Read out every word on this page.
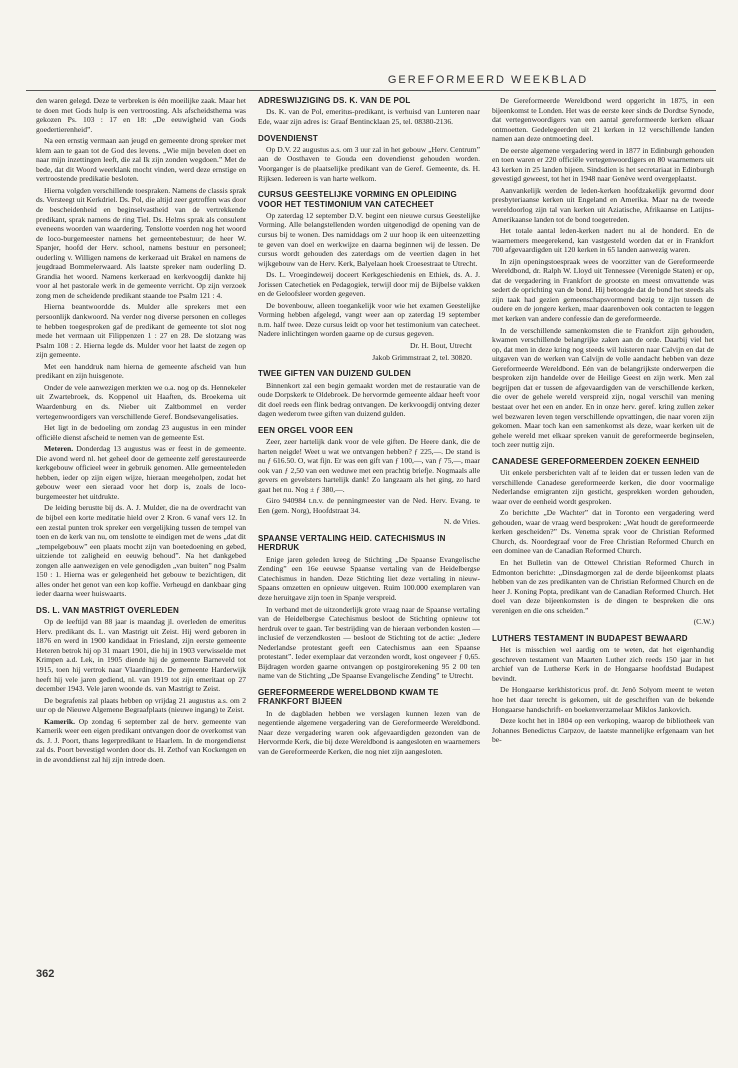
GEREFORMEERD WEEKBLAD

den waren gelegd. Deze te verbreken is één moeilijke zaak. Maar het te doen met Gods hulp is een vertroosting. Als afscheidsthema was gekozen Ps. 103 : 17 en 18: „De eeuwigheid van Gods goedertierenheid”.

Na een ernstig vermaan aan jeugd en gemeente drong spreker met klem aan te gaan tot de God des levens. „Wie mijn bevelen doet en naar mijn inzettingen leeft, die zal Ik zijn zonden wegdoen.” Met de bede, dat dit Woord weerklank mocht vinden, werd deze ernstige en vertroostende predikatie besloten.

Hierna volgden verschillende toespraken. Namens de classis sprak ds. Versteegt uit Kerkdriel. Ds. Pol, die altijd zeer getroffen was door de bescheidenheid en beginselvastheid van de vertrekkende predikant, sprak namens de ring Tiel. Ds. Helms sprak als consulent eveneens woorden van waardering. Tenslotte voerden nog het woord de loco-burgemeester namens het gemeentebestuur; de heer W. Spanjer, hoofd der Herv. school, namens bestuur en personeel; ouderling v. Willigen namens de kerkeraad uit Brakel en namens de jeugdraad Bommelerwaard. Als laatste spreker nam ouderling D. Grandia het woord. Namens kerkeraad en kerkvoogdij dankte hij voor al het pastorale werk in de gemeente verricht. Op zijn verzoek zong men de scheidende predikant staande toe Psalm 121 : 4.

Hierna beantwoordde ds. Mulder alle sprekers met een persoonlijk dankwoord. Na verder nog diverse personen en colleges te hebben toegesproken gaf de predikant de gemeente tot slot nog mede het vermaan uit Filippenzen 1 : 27 en 28. De slotzang was Psalm 108 : 2. Hierna legde ds. Mulder voor het laatst de zegen op zijn gemeente.

Met een handdruk nam hierna de gemeente afscheid van hun predikant en zijn huisgenote.

Onder de vele aanwezigen merkten we o.a. nog op ds. Hennekeler uit Zwartebroek, ds. Koppenol uit Haaften, ds. Broekema uit Waardenburg en ds. Nieber uit Zaltbommel en verder vertegenwoordigers van verschillende Geref. Bondsevangelisaties.

Het ligt in de bedoeling om zondag 23 augustus in een minder officiële dienst afscheid te nemen van de gemeente Est.

Meteren. Donderdag 13 augustus was er feest in de gemeente. Die avond werd nl. het geheel door de gemeente zelf gerestaureerde kerkgebouw officieel weer in gebruik genomen. Alle gemeenteleden hebben, ieder op zijn eigen wijze, hieraan meegeholpen, zodat het gebouw weer een sieraad voor het dorp is, zoals de loco-burgemeester het uitdrukte.

De leiding berustte bij ds. A. J. Mulder, die na de overdracht van de bijbel een korte meditatie hield over 2 Kron. 6 vanaf vers 12. In een zestal punten trok spreker een vergelijking tussen de tempel van toen en de kerk van nu, om tenslotte te eindigen met de wens „dat dit „tempelgebouw” een plaats mocht zijn van boetedoening en gebed, uitziende tot zaligheid en eeuwig behoud”. Na het dankgebed zongen alle aanwezigen en vele genodigden „van buiten” nog Psalm 150 : 1. Hierna was er gelegenheid het gebouw te bezichtigen, dit alles onder het genot van een kop koffie. Verheugd en dankbaar ging ieder daarna weer huiswaarts.

DS. L. VAN MASTRIGT OVERLEDEN

Op de leeftijd van 88 jaar is maandag jl. overleden de emeritus Herv. predikant ds. L. van Mastrigt uit Zeist. Hij werd geboren in 1876 en werd in 1900 kandidaat in Friesland, zijn eerste gemeente Heteren betrok hij op 31 maart 1901, die hij in 1903 verwisselde met Krimpen a.d. Lek, in 1905 diende hij de gemeente Barneveld tot 1915, toen hij vertrok naar Vlaardingen. De gemeente Harderwijk heeft hij vele jaren gediend, nl. van 1919 tot zijn emeritaat op 27 december 1943. Vele jaren woonde ds. van Mastrigt te Zeist.

De begrafenis zal plaats hebben op vrijdag 21 augustus a.s. om 2 uur op de Nieuwe Algemene Begraafplaats (nieuwe ingang) te Zeist.

Kamerik. Op zondag 6 september zal de herv. gemeente van Kamerik weer een eigen predikant ontvangen door de overkomst van ds. J. J. Poort, thans legerpredikant te Haarlem. In de morgendienst zal ds. Poort bevestigd worden door ds. H. Zethof van Kockengen en in de avonddienst zal hij zijn intrede doen.

ADRESWIJZIGING DS. K. VAN DE POL

Ds. K. van de Pol, emeritus-predikant, is verhuisd van Lunteren naar Ede, waar zijn adres is: Graaf Bentincklaan 25, tel. 08380-2136.

DOVENDIENST

Op D.V. 22 augustus a.s. om 3 uur zal in het gebouw „Herv. Centrum” aan de Oosthaven te Gouda een dovendienst gehouden worden. Voorganger is de plaatselijke predikant van de Geref. Gemeente, ds. H. Rijksen. Iedereen is van harte welkom.

CURSUS GEESTELIJKE VORMING EN OPLEIDING VOOR HET TESTIMONIUM VAN CATECHEET

Op zaterdag 12 september D.V. begint een nieuwe cursus Geestelijke Vorming. Alle belangstellenden worden uitgenodigd de opening van de cursus bij te wonen. Des namiddags om 2 uur hoop ik een uiteenzetting te geven van doel en werkwijze en daarna beginnen wij de lessen. De cursus wordt gehouden des zaterdags om de veertien dagen in het wijkgebouw van de Herv. Kerk, Balyelaan hoek Croesestraat te Utrecht.

Ds. L. Vroegindeweij doceert Kerkgeschiedenis en Ethiek, ds. A. J. Jorissen Catechetiek en Pedagogiek, terwijl door mij de Bijbelse vakken en de Geloofsleer worden gegeven.

De bovenbouw, alleen toegankelijk voor wie het examen Geestelijke Vorming hebben afgelegd, vangt weer aan op zaterdag 19 september n.m. half twee. Deze cursus leidt op voor het testimonium van catecheet. Nadere inlichtingen worden gaarne op de cursus gegeven.

Dr. H. Bout, Utrecht
Jakob Grimmstraat 2, tel. 30820.
TWEE GIFTEN VAN DUIZEND GULDEN

Binnenkort zal een begin gemaakt worden met de restauratie van de oude Dorpskerk te Oldebroek. De hervormde gemeente aldaar heeft voor dit doel reeds een flink bedrag ontvangen. De kerkvoogdij ontving dezer dagen wederom twee giften van duizend gulden.

EEN ORGEL VOOR EEN

Zeer, zeer hartelijk dank voor de vele giften. De Heere dank, die de harten neigde! Weet u wat we ontvangen hebben? ƒ 225,—. De stand is nu ƒ 616.50. O, wat fijn. Er was een gift van ƒ 100,—, van ƒ 75,—, maar ook van ƒ 2,50 van een weduwe met een prachtig briefje. Nogmaals alle gevers en gevelsters hartelijk dank! Zo langzaam als het ging, zo hard gaat het nu. Nog ± ƒ 380,—.

Giro 940984 t.n.v. de penningmeester van de Ned. Herv. Evang. te Een (gem. Norg), Hoofdstraat 34.

N. de Vries.
SPAANSE VERTALING HEID. CATECHISMUS IN HERDRUK

Enige jaren geleden kreeg de Stichting „De Spaanse Evangelische Zending” een 16e eeuwse Spaanse vertaling van de Heidelbergse Catechismus in handen. Deze Stichting liet deze vertaling in nieuw-Spaans omzetten en opnieuw uitgeven. Ruim 100.000 exemplaren van deze heruitgave zijn toen in Spanje verspreid.

In verband met de uitzonderlijk grote vraag naar de Spaanse vertaling van de Heidelbergse Catechismus besloot de Stichting opnieuw tot herdruk over te gaan. Ter bestrijding van de hieraan verbonden kosten — inclusief de verzendkosten — besloot de Stichting tot de actie: „Iedere Nederlandse protestant geeft een Catechismus aan een Spaanse protestant”. Ieder exemplaar dat verzonden wordt, kost ongeveer ƒ 0,65. Bijdragen worden gaarne ontvangen op postgirorekening 95 2 00 ten name van de Stichting „De Spaanse Evangelische Zending” te Utrecht.

GEREFORMEERDE WERELDBOND KWAM TE FRANKFORT BIJEEN

In de dagbladen hebben we verslagen kunnen lezen van de negentiende algemene vergadering van de Gereformeerde Wereldbond. Naar deze vergadering waren ook afgevaardigden gezonden van de Hervormde Kerk, die bij deze Wereldbond is aangesloten en waarnemers van de Gereformeerde Kerken, die nog niet zijn aangesloten.

De Gereformeerde Wereldbond werd opgericht in 1875, in een bijeenkomst te Londen. Het was de eerste keer sinds de Dordtse Synode, dat vertegenwoordigers van een aantal gereformeerde kerken elkaar ontmoetten. Gedelegeerden uit 21 kerken in 12 verschillende landen namen aan deze ontmoeting deel.

De eerste algemene vergadering werd in 1877 in Edinburgh gehouden en toen waren er 220 officiële vertegenwoordigers en 80 waarnemers uit 43 kerken in 25 landen bijeen. Sindsdien is het secretariaat in Edinburgh gevestigd geweest, tot het in 1948 naar Genève werd overgeplaatst.

Aanvankelijk werden de leden-kerken hoofdzakelijk gevormd door presbyteriaanse kerken uit Engeland en Amerika. Maar na de tweede wereldoorlog zijn tal van kerken uit Aziatische, Afrikaanse en Latijns-Amerikaanse landen tot de bond toegetreden.

Het totale aantal leden-kerken nadert nu al de honderd. En de waarnemers meegerekend, kan vastgesteld worden dat er in Frankfort 700 afgevaardigden uit 120 kerken in 65 landen aanwezig waren.

In zijn openingstoespraak wees de voorzitter van de Gereformeerde Wereldbond, dr. Ralph W. Lloyd uit Tennessee (Verenigde Staten) er op, dat de vergadering in Frankfort de grootste en meest omvattende was sedert de oprichting van de bond. Hij betoogde dat de bond het steeds als zijn taak had gezien gemeenschapsvormend bezig te zijn tussen de oudere en de jongere kerken, maar daarenboven ook contacten te leggen met kerken van andere confessie dan de gereformeerde.

In de verschillende samenkomsten die te Frankfort zijn gehouden, kwamen verschillende belangrijke zaken aan de orde. Daarbij viel het op, dat men in deze kring nog steeds wil luisteren naar Calvijn en dat de uitgaven van de werken van Calvijn de volle aandacht hebben van deze Gereformeerde Wereldbond. Eén van de belangrijkste onderwerpen die besproken zijn handelde over de Heilige Geest en zijn werk. Men zal begrijpen dat er tussen de afgevaardigden van de verschillende kerken, die over de gehele wereld verspreid zijn, nogal verschil van mening bestaat over het een en ander. En in onze herv. geref. kring zullen zeker wel bezwaren leven tegen verschillende opvattingen, die naar voren zijn gekomen. Maar toch kan een samenkomst als deze, waar kerken uit de gehele wereld met elkaar spreken vanuit de gereformeerde beginselen, toch zeer nuttig zijn.

CANADESE GEREFORMEERDEN ZOEKEN EENHEID

Uit enkele persberichten valt af te leiden dat er tussen leden van de verschillende Canadese gereformeerde kerken, die door voormalige Nederlandse emigranten zijn gesticht, gesprekken worden gehouden, waar over de eenheid wordt gesproken.

Zo berichtte „De Wachter” dat in Toronto een vergadering werd gehouden, waar de vraag werd besproken: „Wat houdt de gereformeerde kerken gescheiden?” Ds. Venema sprak voor de Christian Reformed Church, ds. Noordegraaf voor de Free Christian Reformed Church en een dominee van de Canadian Reformed Church.

En het Bulletin van de Ottewel Christian Reformed Church in Edmonton berichtte: „Dinsdagmorgen zal de derde bijeenkomst plaats hebben van de zes predikanten van de Christian Reformed Church en de heer J. Koning Popta, predikant van de Canadian Reformed Church. Het doel van deze bijeenkomsten is de dingen te bespreken die ons verenigen en die ons scheiden.”

(C.W.)
LUTHERS TESTAMENT IN BUDAPEST BEWAARD

Het is misschien wel aardig om te weten, dat het eigenhandig geschreven testament van Maarten Luther zich reeds 150 jaar in het archief van de Lutherse Kerk in de Hongaarse hoofdstad Budapest bevindt.

De Hongaarse kerkhistoricus prof. dr. Jenö Solyom meent te weten hoe het daar terecht is gekomen, uit de geschriften van de bekende Hongaarse handschrift- en boekenverzamelaar Miklos Jankovich.

Deze kocht het in 1804 op een verkoping, waarop de bibliotheek van Johannes Benedictus Carpzov, de laatste mannelijke erfgenaam van het be-

362
